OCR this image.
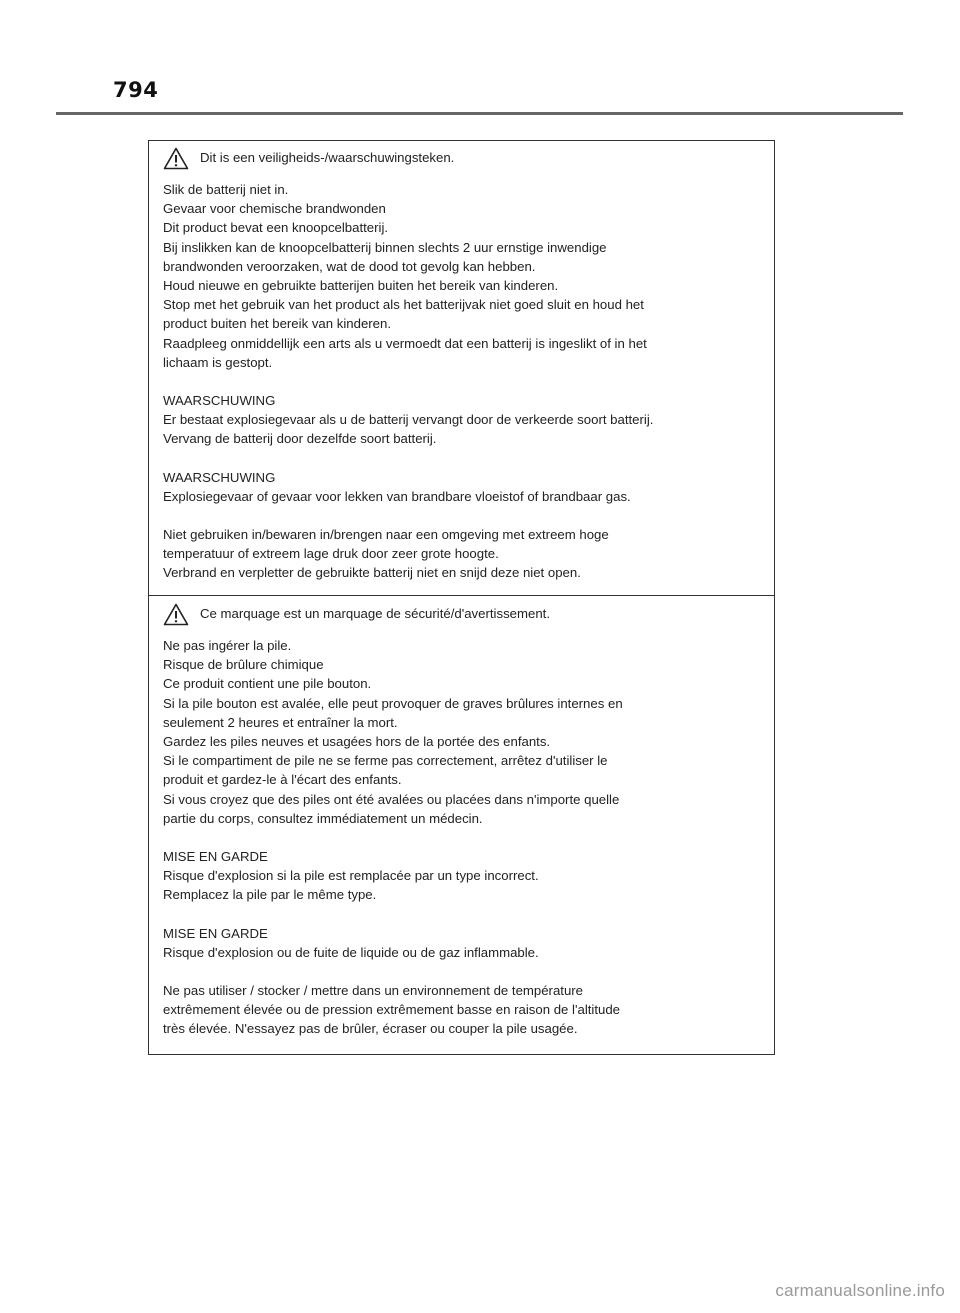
794
Dit is een veiligheids-/waarschuwingsteken.
Slik de batterij niet in.
Gevaar voor chemische brandwonden
Dit product bevat een knoopcelbatterij.
Bij inslikken kan de knoopcelbatterij binnen slechts 2 uur ernstige inwendige
brandwonden veroorzaken, wat de dood tot gevolg kan hebben.
Houd nieuwe en gebruikte batterijen buiten het bereik van kinderen.
Stop met het gebruik van het product als het batterijvak niet goed sluit en houd het
product buiten het bereik van kinderen.
Raadpleeg onmiddellijk een arts als u vermoedt dat een batterij is ingeslikt of in het
lichaam is gestopt.
WAARSCHUWING
Er bestaat explosiegevaar als u de batterij vervangt door de verkeerde soort batterij.
Vervang de batterij door dezelfde soort batterij.
WAARSCHUWING
Explosiegevaar of gevaar voor lekken van brandbare vloeistof of brandbaar gas.
Niet gebruiken in/bewaren in/brengen naar een omgeving met extreem hoge
temperatuur of extreem lage druk door zeer grote hoogte.
Verbrand en verpletter de gebruikte batterij niet en snijd deze niet open.
Ce marquage est un marquage de sécurité/d'avertissement.
Ne pas ingérer la pile.
Risque de brûlure chimique
Ce produit contient une pile bouton.
Si la pile bouton est avalée, elle peut provoquer de graves brûlures internes en
seulement 2 heures et entraîner la mort.
Gardez les piles neuves et usagées hors de la portée des enfants.
Si le compartiment de pile ne se ferme pas correctement, arrêtez d'utiliser le
produit et gardez-le à l'écart des enfants.
Si vous croyez que des piles ont été avalées ou placées dans n'importe quelle
partie du corps, consultez immédiatement un médecin.
MISE EN GARDE
Risque d'explosion si la pile est remplacée par un type incorrect.
Remplacez la pile par le même type.
MISE EN GARDE
Risque d'explosion ou de fuite de liquide ou de gaz inflammable.
Ne pas utiliser / stocker / mettre dans un environnement de température
extrêmement élevée ou de pression extrêmement basse en raison de l'altitude
très élevée. N'essayez pas de brûler, écraser ou couper la pile usagée.
carmanualsonline.info
